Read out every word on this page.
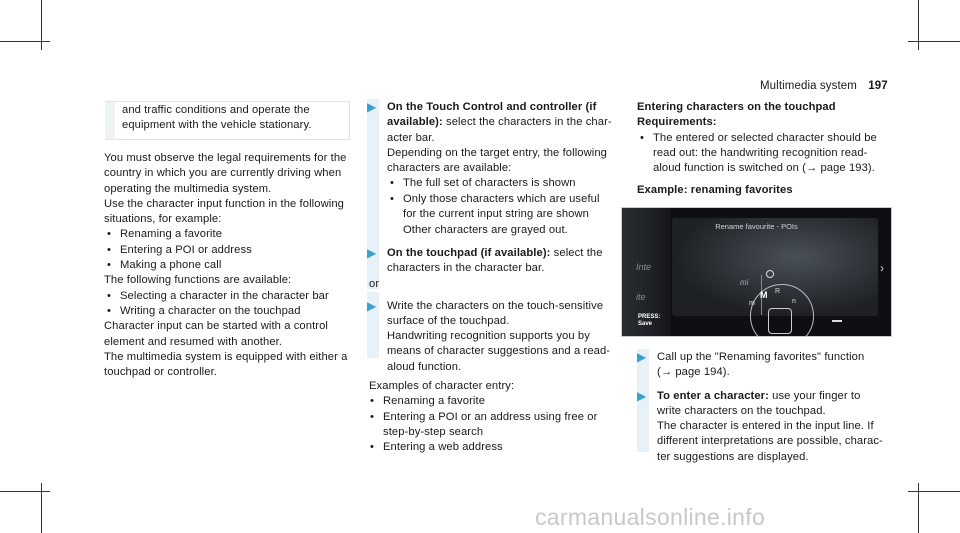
Multimedia system 197

and traffic conditions and operate the

equipment with the vehicle stationary.

You must observe the legal requirements for the

country in which you are currently driving when

operating the multimedia system.

Use the character input function in the following

situations, for example:

• Renaming a favorite

• Entering a POI or address

• Making a phone call

The following functions are available:

• Selecting a character in the character bar

• Writing a character on the touchpad

Character input can be started with a control

element and resumed with another.

The multimedia system is equipped with either a

touchpad or controller.

▶ On the Touch Control and controller (if

available): select the characters in the char-

acter bar.

Depending on the target entry, the following

characters are available:

• The full set of characters is shown

• Only those characters which are useful

for the current input string are shown

Other characters are grayed out.

▶ On the touchpad (if available): select the

characters in the character bar.

or

▶ Write the characters on the touch-sensitive

surface of the touchpad.

Handwriting recognition supports you by

means of character suggestions and a read-

aloud function.

Examples of character entry:

• Renaming a favorite

• Entering a POI or an address using free or

step-by-step search

• Entering a web address

Entering characters on the touchpad

Requirements:

• The entered or selected character should be

read out: the handwriting recognition read-

aloud function is switched on (→ page 193).

Example: renaming favorites

Inte
ite
Rename favourite - POIs
mi
m
M R
n
PRESS:
Save
›
▶ Call up the "Renaming favorites" function

(→ page 194).

▶ To enter a character: use your finger to

write characters on the touchpad.

The character is entered in the input line. If

different interpretations are possible, charac-

ter suggestions are displayed.

carmanualsonline.info
